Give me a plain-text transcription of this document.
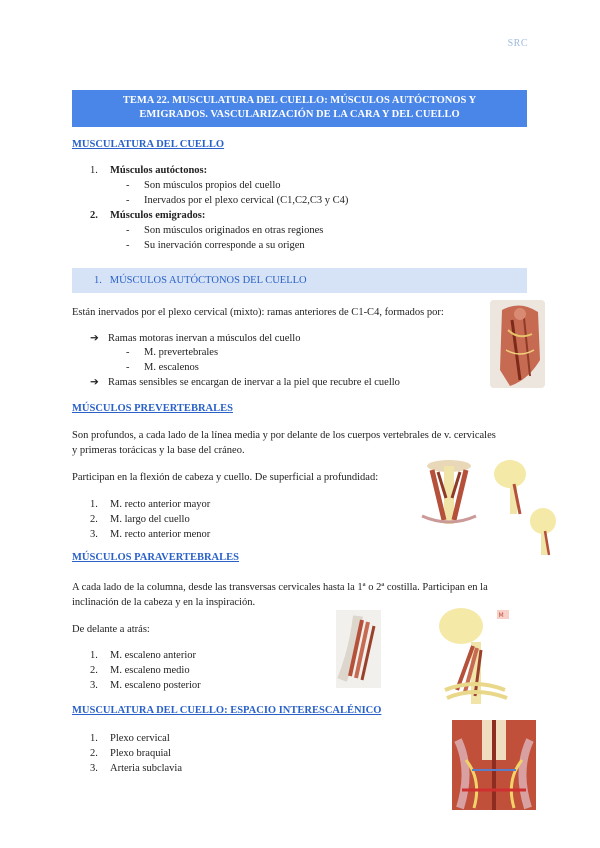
SRC
TEMA 22. MUSCULATURA DEL CUELLO: MÚSCULOS AUTÓCTONOS Y
EMIGRADOS. VASCULARIZACIÓN DE LA CARA Y DEL CUELLO
MUSCULATURA DEL CUELLO
1. Músculos autóctonos:
- Son músculos propios del cuello
- Inervados por el plexo cervical (C1,C2,C3 y C4)
2. Músculos emigrados:
- Son músculos originados en otras regiones
- Su inervación corresponde a su origen
1. MÚSCULOS AUTÓCTONOS DEL CUELLO
Están inervados por el plexo cervical (mixto): ramas anteriores de C1-C4, formados por:
➔ Ramas motoras inervan a músculos del cuello
- M. prevertebrales
- M. escalenos
➔ Ramas sensibles se encargan de inervar a la piel que recubre el cuello
MÚSCULOS PREVERTEBRALES
Son profundos, a cada lado de la línea media y por delante de los cuerpos vertebrales de v. cervicales
y primeras torácicas y la base del cráneo.
Participan en la flexión de cabeza y cuello. De superficial a profundidad:
1. M. recto anterior mayor
2. M. largo del cuello
3. M. recto anterior menor
MÚSCULOS PARAVERTEBRALES
A cada lado de la columna, desde las transversas cervicales hasta la 1ª o 2ª costilla. Participan en la
inclinación de la cabeza y en la inspiración.
De delante a atrás:
1. M. escaleno anterior
2. M. escaleno medio
3. M. escaleno posterior
M
MUSCULATURA DEL CUELLO: ESPACIO INTERESCALÉNICO
1. Plexo cervical
2. Plexo braquial
3. Arteria subclavia
